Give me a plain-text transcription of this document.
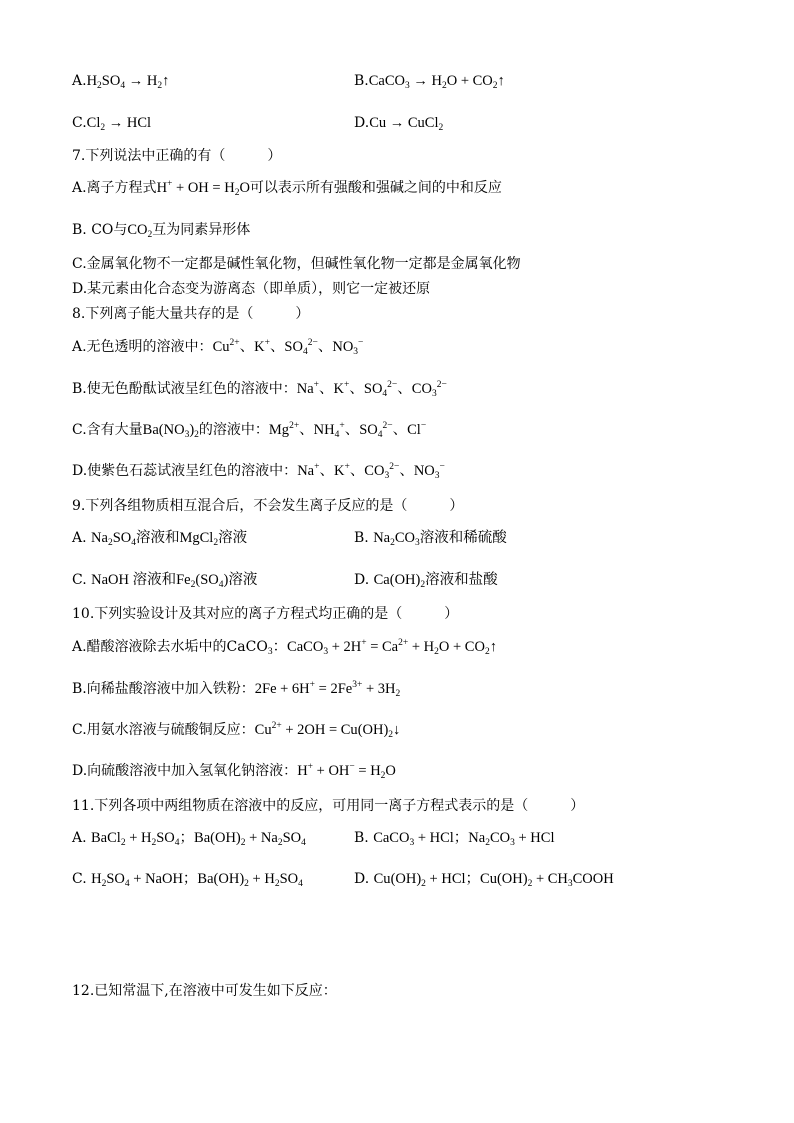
$A.H_2SO_4$ → $H_2↑$	B.CaCO$_3$ → $H_2O$ + $CO_2↑$
$C.Cl_2$ → HCl	D.Cu → CuCl$_2$
7.下列说法中正确的有（　　　）
A.离子方程式H+ + OH = $H_2O$可以表示所有强酸和强碱之间的中和反应
B. CO与$CO_2$互为同素异形体
C.金属氧化物不一定都是碱性氧化物，但碱性氧化物一定都是金属氧化物
D.某元素由化合态变为游离态（即单质），则它一定被还原
8.下列离子能大量共存的是（　　　）
A.无色透明的溶液中：$Cu^{2+}$、K+、$SO_4^{2-}$、$NO_3^-$
B.使无色酚酞试液呈红色的溶液中：Na+、K+、$SO_4^{2-}$、$CO_3^{2-}$
C.含有大量$Ba(NO_3)_2$的溶液中：$Mg^{2+}$、$NH_4^+$、$SO_4^{2-}$、Cl−
D.使紫色石蕊试液呈红色的溶液中：Na+、K+、$CO_3^{2-}$、$NO_3^-$
9.下列各组物质相互混合后，不会发生离子反应的是（　　　）
A. $Na_2SO_4$溶液和MgCl$_2$溶液	B. $Na_2CO_3$溶液和稀硫酸
C. NaOH 溶液和$Fe_2(SO_4)$溶液	D. $Ca(OH)_2$溶液和盐酸
10.下列实验设计及其对应的离子方程式均正确的是（　　　）
A.醋酸溶液除去水垢中的CaCO$_3$：CaCO$_3$ + $2H^+ = Ca^{2+} + H_2O$ + $CO_2↑$
B.向稀盐酸溶液中加入铁粉：$2Fe + 6H^+ = 2Fe^{3+} + 3H_2$
C.用氨水溶液与硫酸铜反应：$Cu^{2+} + 2OH$ = $Cu(OH)_2↓$
D.向硫酸溶液中加入氢氧化钠溶液：$H^+ + OH^- = H_2O$
11.下列各项中两组物质在溶液中的反应，可用同一离子方程式表示的是（　　　）
A. BaCl$_2$ + $H_2SO_4$；$Ba(OH)_2 + Na_2SO_4$	B. CaCO$_3$ + HCl；$Na_2CO_3$ + HCl
C. $H_2SO_4$ + NaOH；$Ba(OH)_2 + H_2SO_4$	D. $Cu(OH)_2$ + HCl；$Cu(OH)_2$ + $CH_3COOH$
12.已知常温下,在溶液中可发生如下反应：
